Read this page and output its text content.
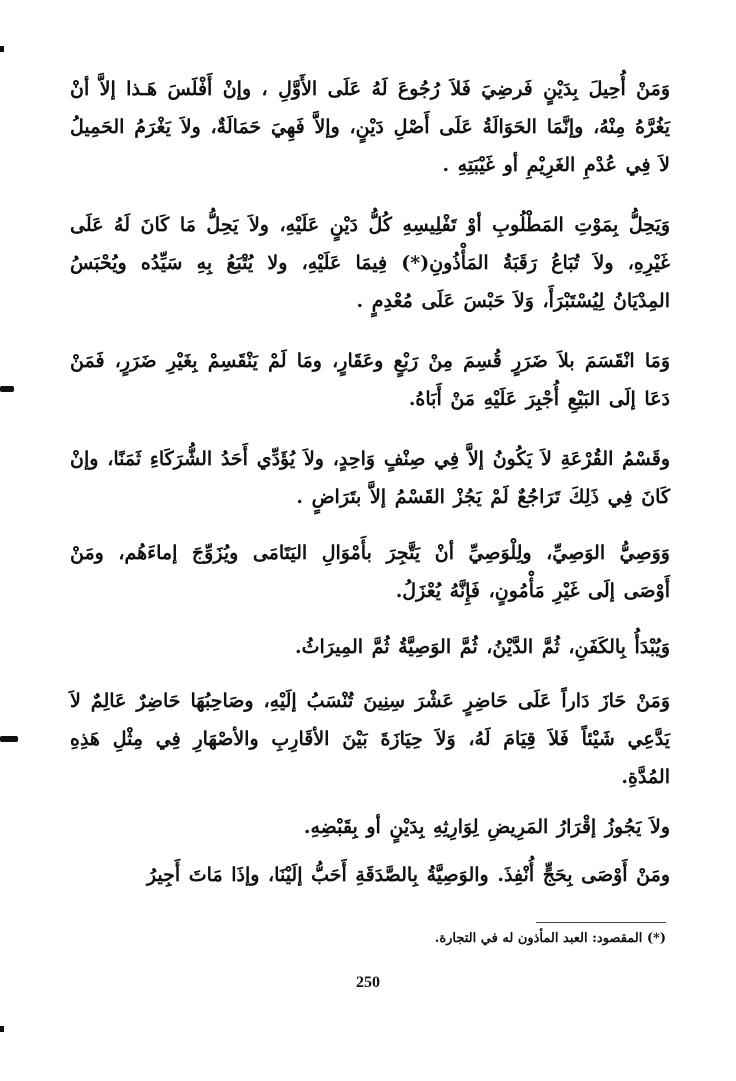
وَمَنْ أُحِيلَ بِدَيْنٍ فَرضِيَ فَلاَ رُجُوعَ لَهُ عَلَى الأَوَّلِ ، وإنْ أَفْلَسَ هَـذا إلاَّ أنْ يَغُرَّهُ مِنْهُ، وإنَّمَا الحَوَالَةُ عَلَى أَصْلِ دَيْنٍ، وإلاَّ فَهِيَ حَمَالَةٌ، ولاَ يَغْرَمُ الحَمِيلُ لاَ فِي عُدْمِ الغَرِيْمِ أو غَيْبَتِهِ .

وَيَحِلُّ بِمَوْتِ المَطْلُوبِ أوْ تَفْلِيسِهِ كُلُّ دَيْنٍ عَلَيْهِ، ولاَ يَحِلُّ مَا كَانَ لَهُ عَلَى غَيْرِهِ، ولاَ تُبَاعُ رَقَبَةُ المَأْذُونِ(*) فِيمَا عَلَيْهِ، ولا يُتْبَعُ بِهِ سَيِّدُه ويُحْبَسُ المِدْيَانُ لِيُسْتَبْرَأَ، وَلاَ حَبْسَ عَلَى مُعْدِمٍ .

وَمَا انْقَسَمَ بلاَ ضَرَرٍ قُسِمَ مِنْ رَبْعٍ وعَقَارٍ، ومَا لَمْ يَنْقَسِمْ بِغَيْرِ ضَرَرٍ، فَمَنْ دَعَا إلَى البَيْعِ أُجْبِرَ عَلَيْهِ مَنْ أَبَاهُ.

وقَسْمُ القُرْعَةِ لاَ يَكُونُ إلاَّ فِي صِنْفٍ وَاحِدٍ، ولاَ يُؤَدِّي أَحَدُ الشُّرَكَاءِ ثَمَنًا، وإنْ كَانَ فِي ذَلِكَ تَرَاجُعٌ لَمْ يَجُزْ القَسْمُ إلاَّ بتَرَاضٍ .

وَوَصِيُّ الوَصِيِّ، ولِلْوَصِيِّ أنْ يَتَّجِرَ بأَمْوَالِ اليَتَامَى ويُزَوِّجَ إماءَهُم، ومَنْ أَوْصَى إلَى غَيْرِ مَأْمُونٍ، فَإِنَّهُ يُعْزَلُ.

وَيُبْدَأُ بِالكَفَنِ، ثُمَّ الدَّيْنُ، ثُمَّ الوَصِيَّةُ ثُمَّ المِيرَاثُ.

وَمَنْ حَازَ دَاراً عَلَى حَاضِرٍ عَشْرَ سِنِينَ تُنْسَبُ إلَيْهِ، وصَاحِبُهَا حَاضِرٌ عَالِمٌ لاَ يَدَّعِي شَيْئاً فَلاَ قِيَامَ لَهُ، وَلاَ حِيَازَةَ بَيْنَ الأقَارِبِ والأصْهَارِ فِي مِثْلِ هَذِهِ المُدَّةِ.

ولاَ يَجُوزُ إقْرَارُ المَرِيضِ لِوَارِثِهِ بِدَيْنٍ أو بِقَبْضِهِ.

ومَنْ أَوْصَى بِحَجٍّ أُنْفِذَ. والوَصِيَّةُ بِالصَّدَقَةِ أَحَبُّ إلَيْنَا، وإذَا مَاتَ أَجِيرُ

(*) المقصود: العبد المأذون له في التجارة.

250
